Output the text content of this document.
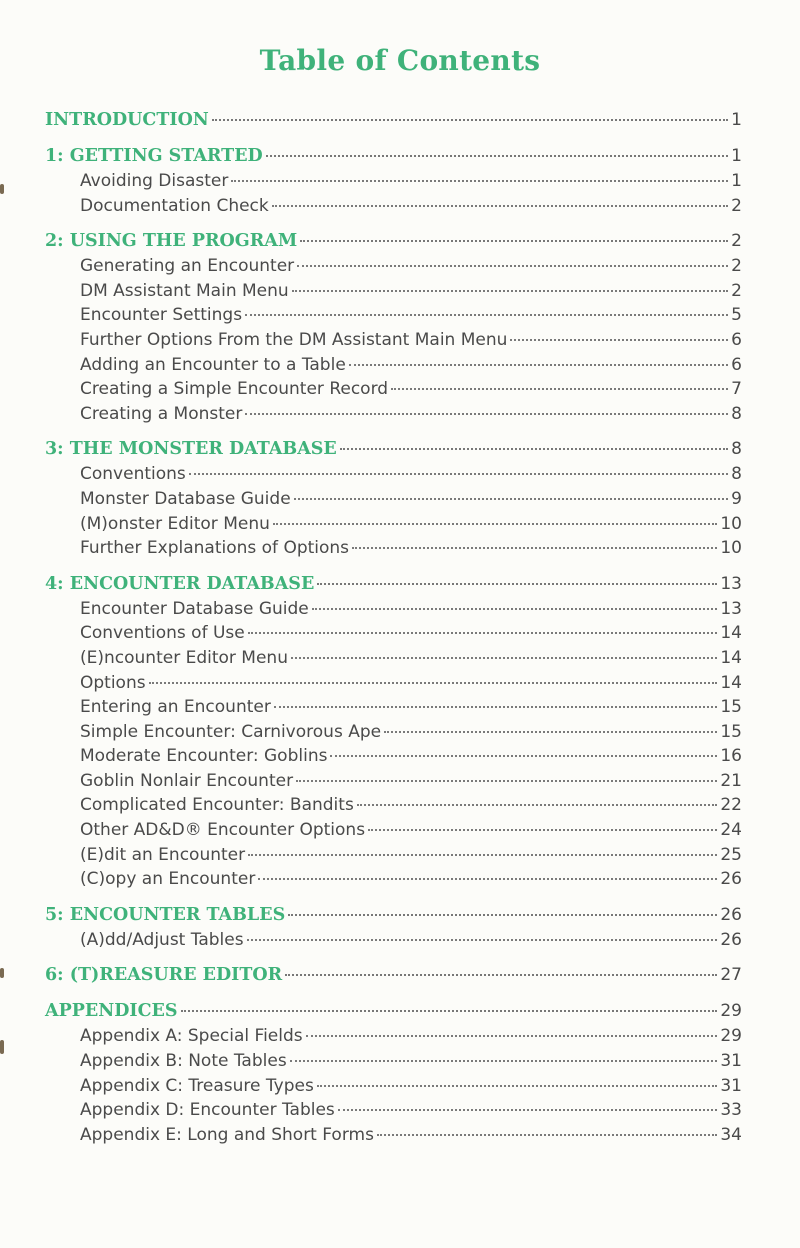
Table of Contents
INTRODUCTION	1
1: GETTING STARTED	1
Avoiding Disaster	1
Documentation Check	2
2: USING THE PROGRAM	2
Generating an Encounter	2
DM Assistant Main Menu	2
Encounter Settings	5
Further Options From the DM Assistant Main Menu	6
Adding an Encounter to a Table	6
Creating a Simple Encounter Record	7
Creating a Monster	8
3: THE MONSTER DATABASE	8
Conventions	8
Monster Database Guide	9
(M)onster Editor Menu	10
Further Explanations of Options	10
4: ENCOUNTER DATABASE	13
Encounter Database Guide	13
Conventions of Use	14
(E)ncounter Editor Menu	14
Options	14
Entering an Encounter	15
Simple Encounter: Carnivorous Ape	15
Moderate Encounter: Goblins	16
Goblin Nonlair Encounter	21
Complicated Encounter: Bandits	22
Other AD&D® Encounter Options	24
(E)dit an Encounter	25
(C)opy an Encounter	26
5: ENCOUNTER TABLES	26
(A)dd/Adjust Tables	26
6: (T)REASURE EDITOR	27
APPENDICES	29
Appendix A: Special Fields	29
Appendix B: Note Tables	31
Appendix C: Treasure Types	31
Appendix D: Encounter Tables	33
Appendix E: Long and Short Forms	34
